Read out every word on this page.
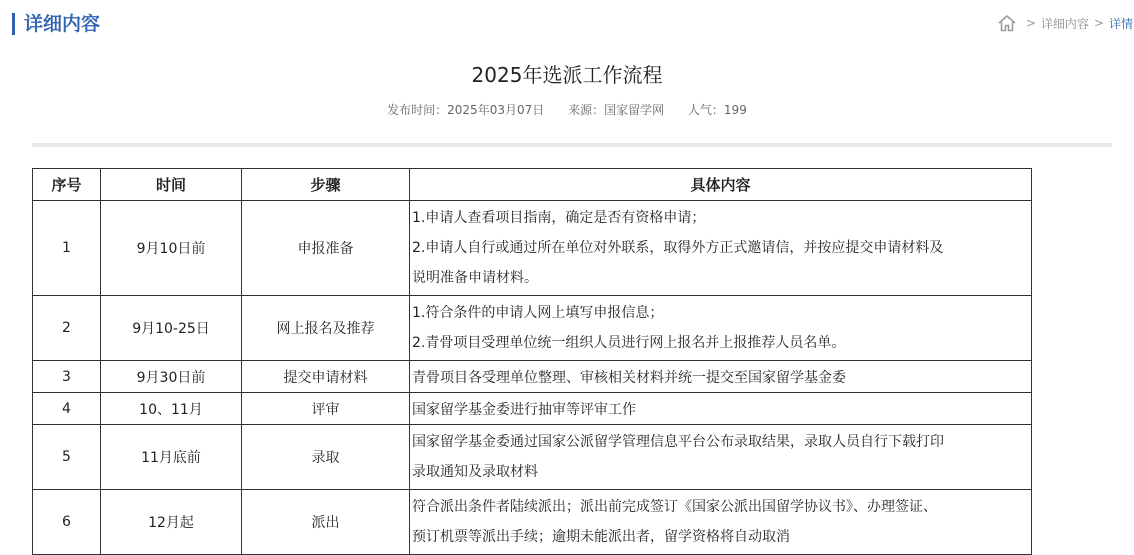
详细内容	> 详细内容 > 详情
2025年选派工作流程
发布时间：2025年03月07日 来源：国家留学网 人气：199
序号	时间	步骤	具体内容
1	9月10日前	申报准备	1.申请人查看项目指南，确定是否有资格申请；
2.申请人自行或通过所在单位对外联系，取得外方正式邀请信，并按应提交申请材料及
说明准备申请材料。

2	9月10-25日	网上报名及推荐	1.符合条件的申请人网上填写申报信息；
2.青骨项目受理单位统一组织人员进行网上报名并上报推荐人员名单。

3	9月30日前	提交申请材料	青骨项目各受理单位整理、审核相关材料并统一提交至国家留学基金委

4	10、11月	评审	国家留学基金委进行抽审等评审工作

5	11月底前	录取	国家留学基金委通过国家公派留学管理信息平台公布录取结果，录取人员自行下载打印
录取通知及录取材料

6	12月起	派出	符合派出条件者陆续派出；派出前完成签订《国家公派出国留学协议书》、办理签证、
预订机票等派出手续；逾期未能派出者，留学资格将自动取消
